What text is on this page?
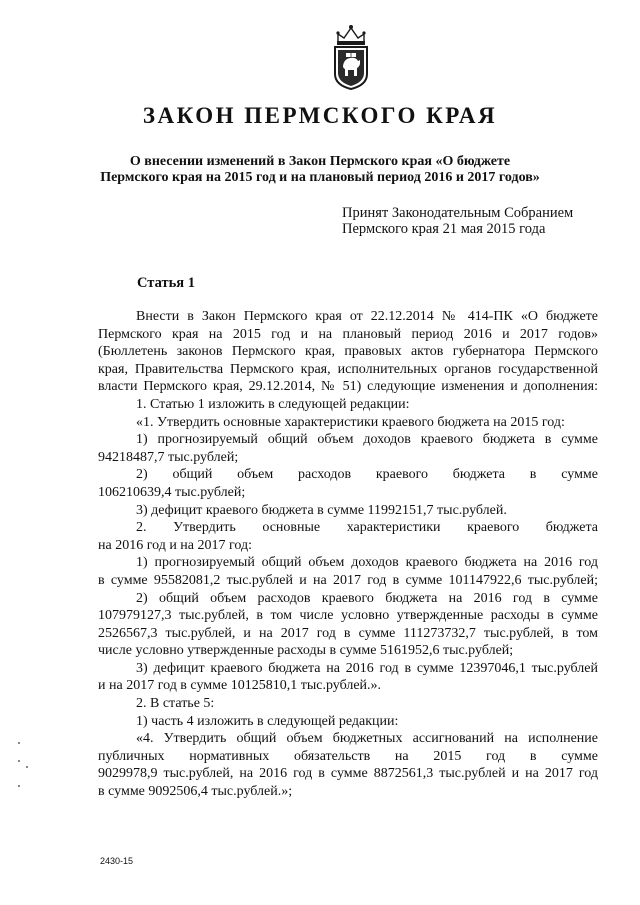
ЗАКОН ПЕРМСКОГО КРАЯ
О внесении изменений в Закон Пермского края «О бюджете
Пермского края на 2015 год и на плановый период 2016 и 2017 годов»
Принят Законодательным Собранием
Пермского края 21 мая 2015 года
Статья 1
Внести в Закон Пермского края от 22.12.2014 № 414-ПК «О бюджете
Пермского края на 2015 год и на плановый период 2016 и 2017 годов»
(Бюллетень законов Пермского края, правовых актов губернатора Пермского
края, Правительства Пермского края, исполнительных органов государственной
власти Пермского края, 29.12.2014, № 51) следующие изменения и дополнения:
1. Статью 1 изложить в следующей редакции:
«1. Утвердить основные характеристики краевого бюджета на 2015 год:
1) прогнозируемый общий объем доходов краевого бюджета в сумме
94218487,7 тыс.рублей;
2) общий объем расходов краевого бюджета в сумме
106210639,4 тыс.рублей;
3) дефицит краевого бюджета в сумме 11992151,7 тыс.рублей.
2. Утвердить основные характеристики краевого бюджета
на 2016 год и на 2017 год:
1) прогнозируемый общий объем доходов краевого бюджета на 2016 год
в сумме 95582081,2 тыс.рублей и на 2017 год в сумме 101147922,6 тыс.рублей;
2) общий объем расходов краевого бюджета на 2016 год в сумме
107979127,3 тыс.рублей, в том числе условно утвержденные расходы в сумме
2526567,3 тыс.рублей, и на 2017 год в сумме 111273732,7 тыс.рублей, в том
числе условно утвержденные расходы в сумме 5161952,6 тыс.рублей;
3) дефицит краевого бюджета на 2016 год в сумме 12397046,1 тыс.рублей
и на 2017 год в сумме 10125810,1 тыс.рублей.».
2. В статье 5:
1) часть 4 изложить в следующей редакции:
«4. Утвердить общий объем бюджетных ассигнований на исполнение
публичных нормативных обязательств на 2015 год в сумме
9029978,9 тыс.рублей, на 2016 год в сумме 8872561,3 тыс.рублей и на 2017 год
в сумме 9092506,4 тыс.рублей.»;
2430-15
